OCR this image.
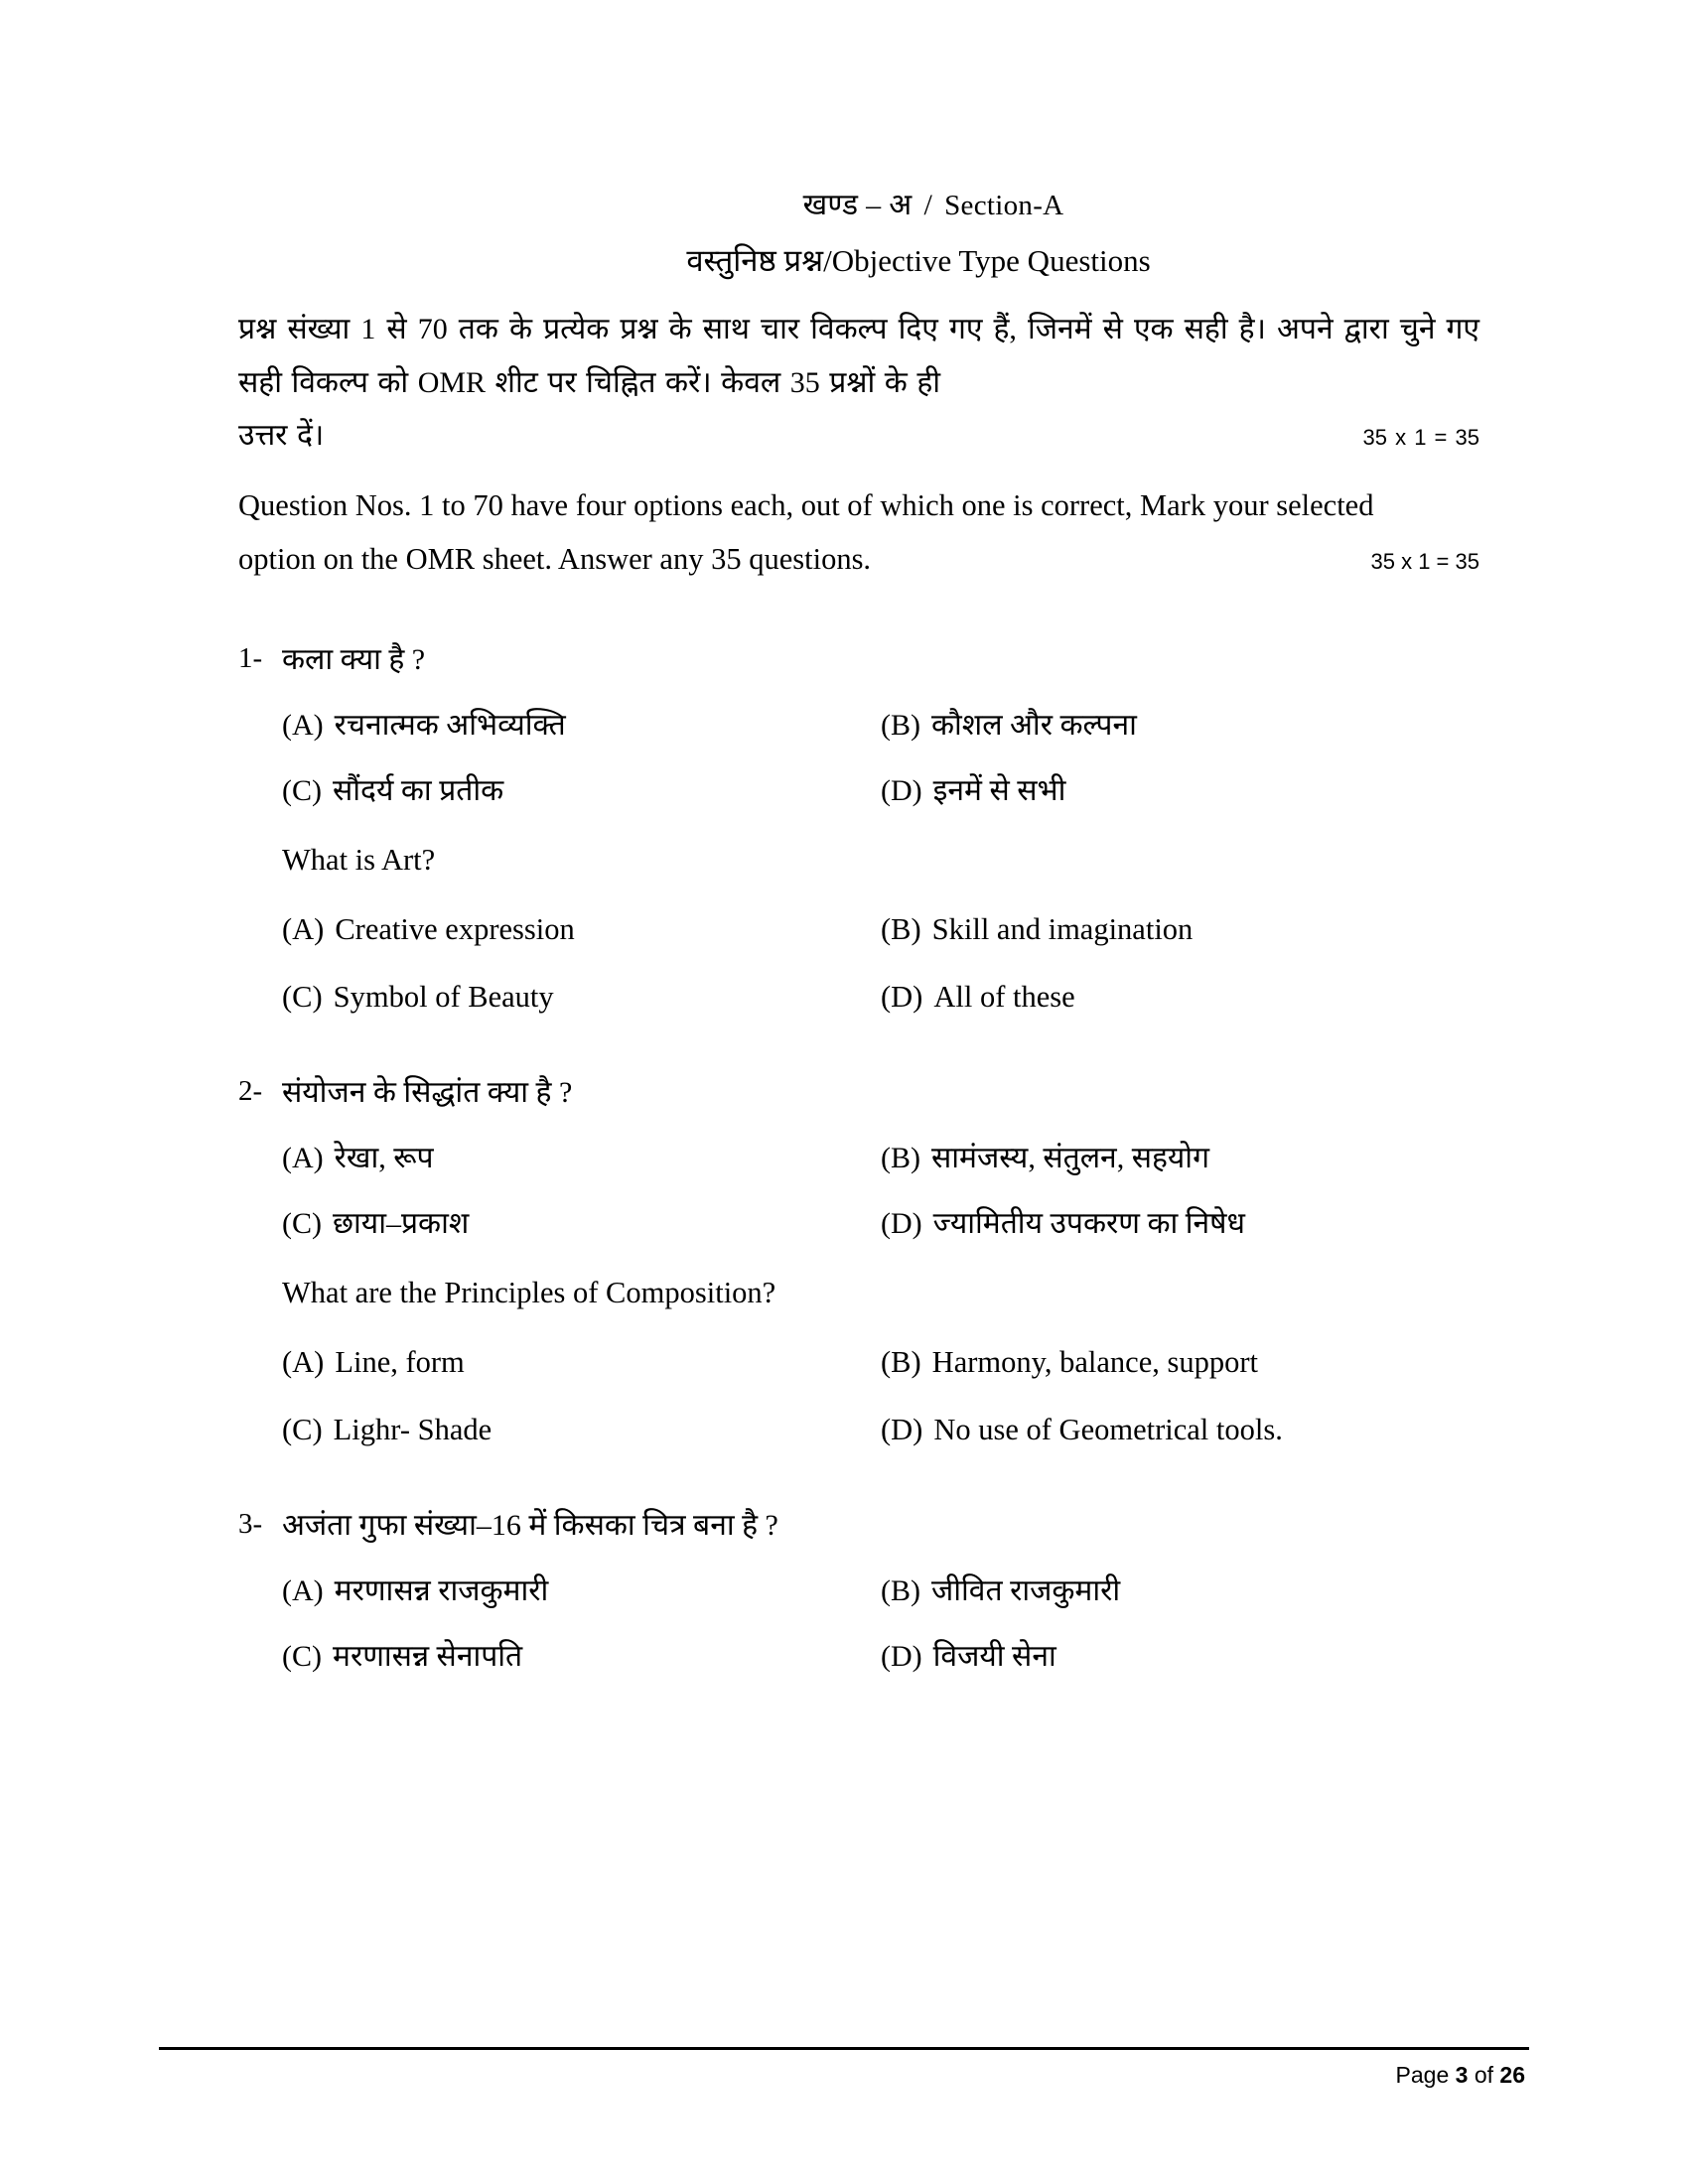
खण्ड – अ / Section-A
वस्तुनिष्ठ प्रश्न/Objective Type Questions
प्रश्न संख्या 1 से 70 तक के प्रत्येक प्रश्न के साथ चार विकल्प दिए गए हैं, जिनमें से एक सही है। अपने द्वारा चुने गए सही विकल्प को OMR शीट पर चिह्नित करें। केवल 35 प्रश्नों के ही
उत्तर दें।	35 x 1 = 35
Question Nos. 1 to 70 have four options each, out of which one is correct, Mark your selected
option on the OMR sheet. Answer any 35 questions.	35 x 1 = 35
1- कला क्या है ?
(A) रचनात्मक अभिव्यक्ति	(B) कौशल और कल्पना
(C) सौंदर्य का प्रतीक	(D) इनमें से सभी
What is Art?
(A) Creative expression	(B) Skill and imagination
(C) Symbol of Beauty	(D) All of these
2- संयोजन के सिद्धांत क्या है ?
(A) रेखा, रूप	(B) सामंजस्य, संतुलन, सहयोग
(C) छाया–प्रकाश	(D) ज्यामितीय उपकरण का निषेध
What are the Principles of Composition?
(A) Line, form	(B) Harmony, balance, support
(C) Lighr- Shade	(D) No use of Geometrical tools.
3- अजंता गुफा संख्या–16 में किसका चित्र बना है ?
(A) मरणासन्न राजकुमारी	(B) जीवित राजकुमारी
(C) मरणासन्न सेनापति	(D) विजयी सेना
Page 3 of 26
